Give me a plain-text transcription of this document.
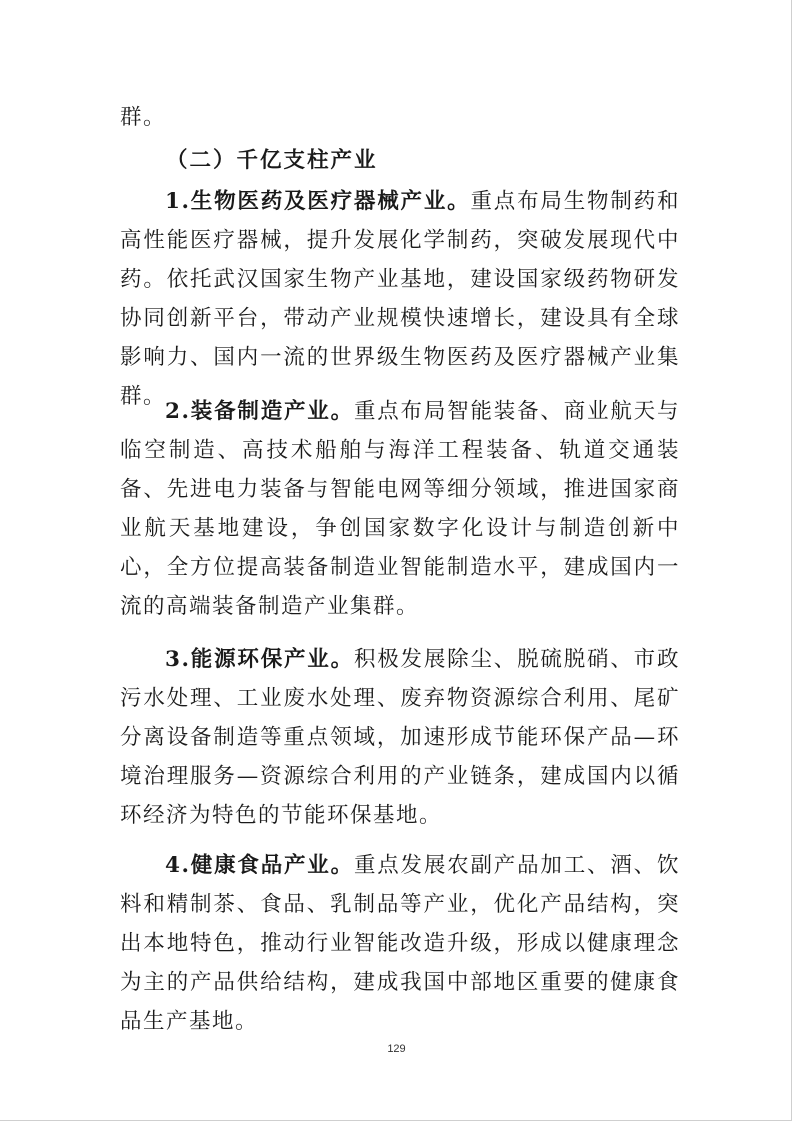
群。

（二）千亿支柱产业

1.生物医药及医疗器械产业。重点布局生物制药和高性能医疗器械，提升发展化学制药，突破发展现代中药。依托武汉国家生物产业基地，建设国家级药物研发协同创新平台，带动产业规模快速增长，建设具有全球影响力、国内一流的世界级生物医药及医疗器械产业集群。

2.装备制造产业。重点布局智能装备、商业航天与临空制造、高技术船舶与海洋工程装备、轨道交通装备、先进电力装备与智能电网等细分领域，推进国家商业航天基地建设，争创国家数字化设计与制造创新中心，全方位提高装备制造业智能制造水平，建成国内一流的高端装备制造产业集群。

3.能源环保产业。积极发展除尘、脱硫脱硝、市政污水处理、工业废水处理、废弃物资源综合利用、尾矿分离设备制造等重点领域，加速形成节能环保产品—环境治理服务—资源综合利用的产业链条，建成国内以循环经济为特色的节能环保基地。

4.健康食品产业。重点发展农副产品加工、酒、饮料和精制茶、食品、乳制品等产业，优化产品结构，突出本地特色，推动行业智能改造升级，形成以健康理念为主的产品供给结构，建成我国中部地区重要的健康食品生产基地。

129
